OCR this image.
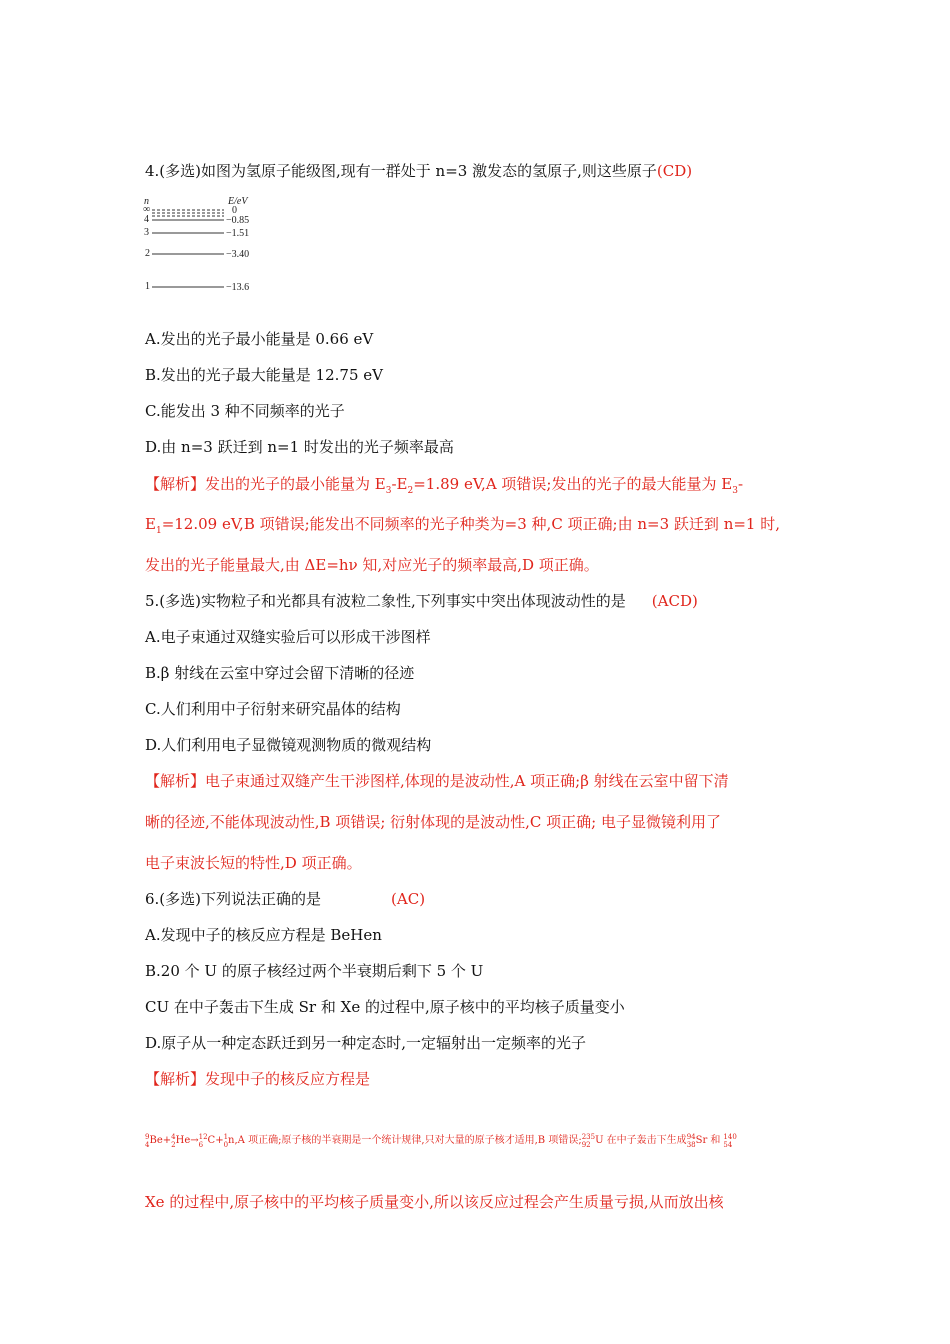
4.(多选)如图为氢原子能级图,现有一群处于 n=3 激发态的氢原子,则这些原子(CD)
n	E/eV
∞	0
4	−0.85
3	−1.51
2	−3.40
1	−13.6
A.发出的光子最小能量是 0.66 eV
B.发出的光子最大能量是 12.75 eV
C.能发出 3 种不同频率的光子
D.由 n=3 跃迁到 n=1 时发出的光子频率最高
【解析】发出的光子的最小能量为 $E_3-E_2=1.89$ eV,A 项错误;发出的光子的最大能量为 $E_3-$
$E_1=12.09$ eV,B 项错误;能发出不同频率的光子种类为=3 种,C 项正确;由 n=3 跃迁到 n=1 时,
发出的光子能量最大,由 ΔE=hν 知,对应光子的频率最高,D 项正确。
5.(多选)实物粒子和光都具有波粒二象性,下列事实中突出体现波动性的是 (ACD)
A.电子束通过双缝实验后可以形成干涉图样
B.β 射线在云室中穿过会留下清晰的径迹
C.人们利用中子衍射来研究晶体的结构
D.人们利用电子显微镜观测物质的微观结构
【解析】电子束通过双缝产生干涉图样,体现的是波动性,A 项正确;β 射线在云室中留下清
晰的径迹,不能体现波动性,B 项错误; 衍射体现的是波动性,C 项正确; 电子显微镜利用了
电子束波长短的特性,D 项正确。
6.(多选)下列说法正确的是	(AC)
A.发现中子的核反应方程是 BeHen
B.20 个 U 的原子核经过两个半衰期后剩下 5 个 U
CU 在中子轰击下生成 Sr 和 Xe 的过程中,原子核中的平均核子质量变小
D.原子从一种定态跃迁到另一种定态时,一定辐射出一定频率的光子
【解析】发现中子的核反应方程是
9
4Be+4
2He→12
6 C+1
0n,A 项正确;原子核的半衰期是一个统计规律,只对大量的原子核才适用,B 项错误;235
92 U 在中子轰击下生成94
38Sr 和 140
54
Xe 的过程中,原子核中的平均核子质量变小,所以该反应过程会产生质量亏损,从而放出核
